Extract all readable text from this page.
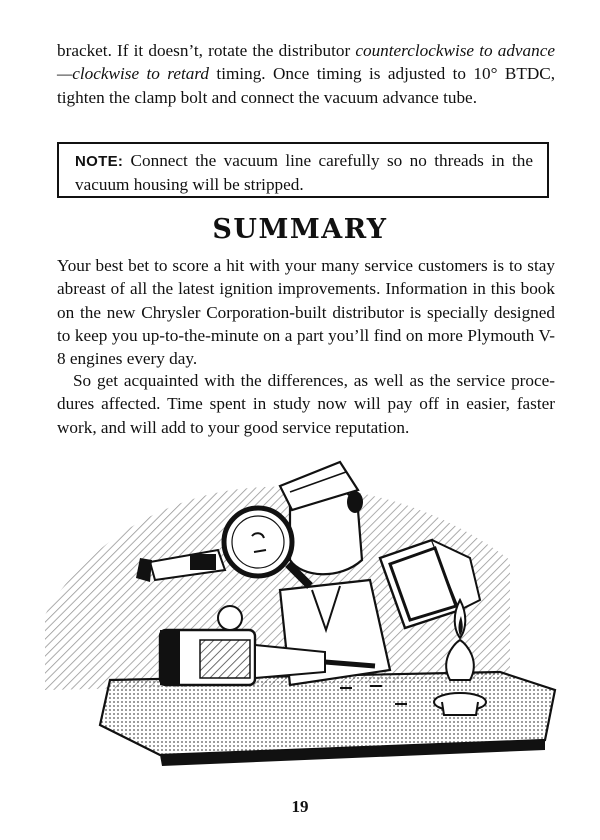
bracket. If it doesn’t, rotate the distributor counterclockwise to advance—clockwise to retard timing. Once timing is adjusted to 10° BTDC, tighten the clamp bolt and connect the vacuum advance tube.

NOTE: Connect the vacuum line carefully so no threads in the vacuum housing will be stripped.
SUMMARY

Your best bet to score a hit with your many service customers is to stay abreast of all the latest ignition improvements. Information in this book on the new Chrysler Corporation-built distributor is specially designed to keep you up-to-the-minute on a part you’ll find on more Plymouth V-8 engines every day.

So get acquainted with the differences, as well as the service procedures affected. Time spent in study now will pay off in easier, faster work, and will add to your good service reputation.

19
